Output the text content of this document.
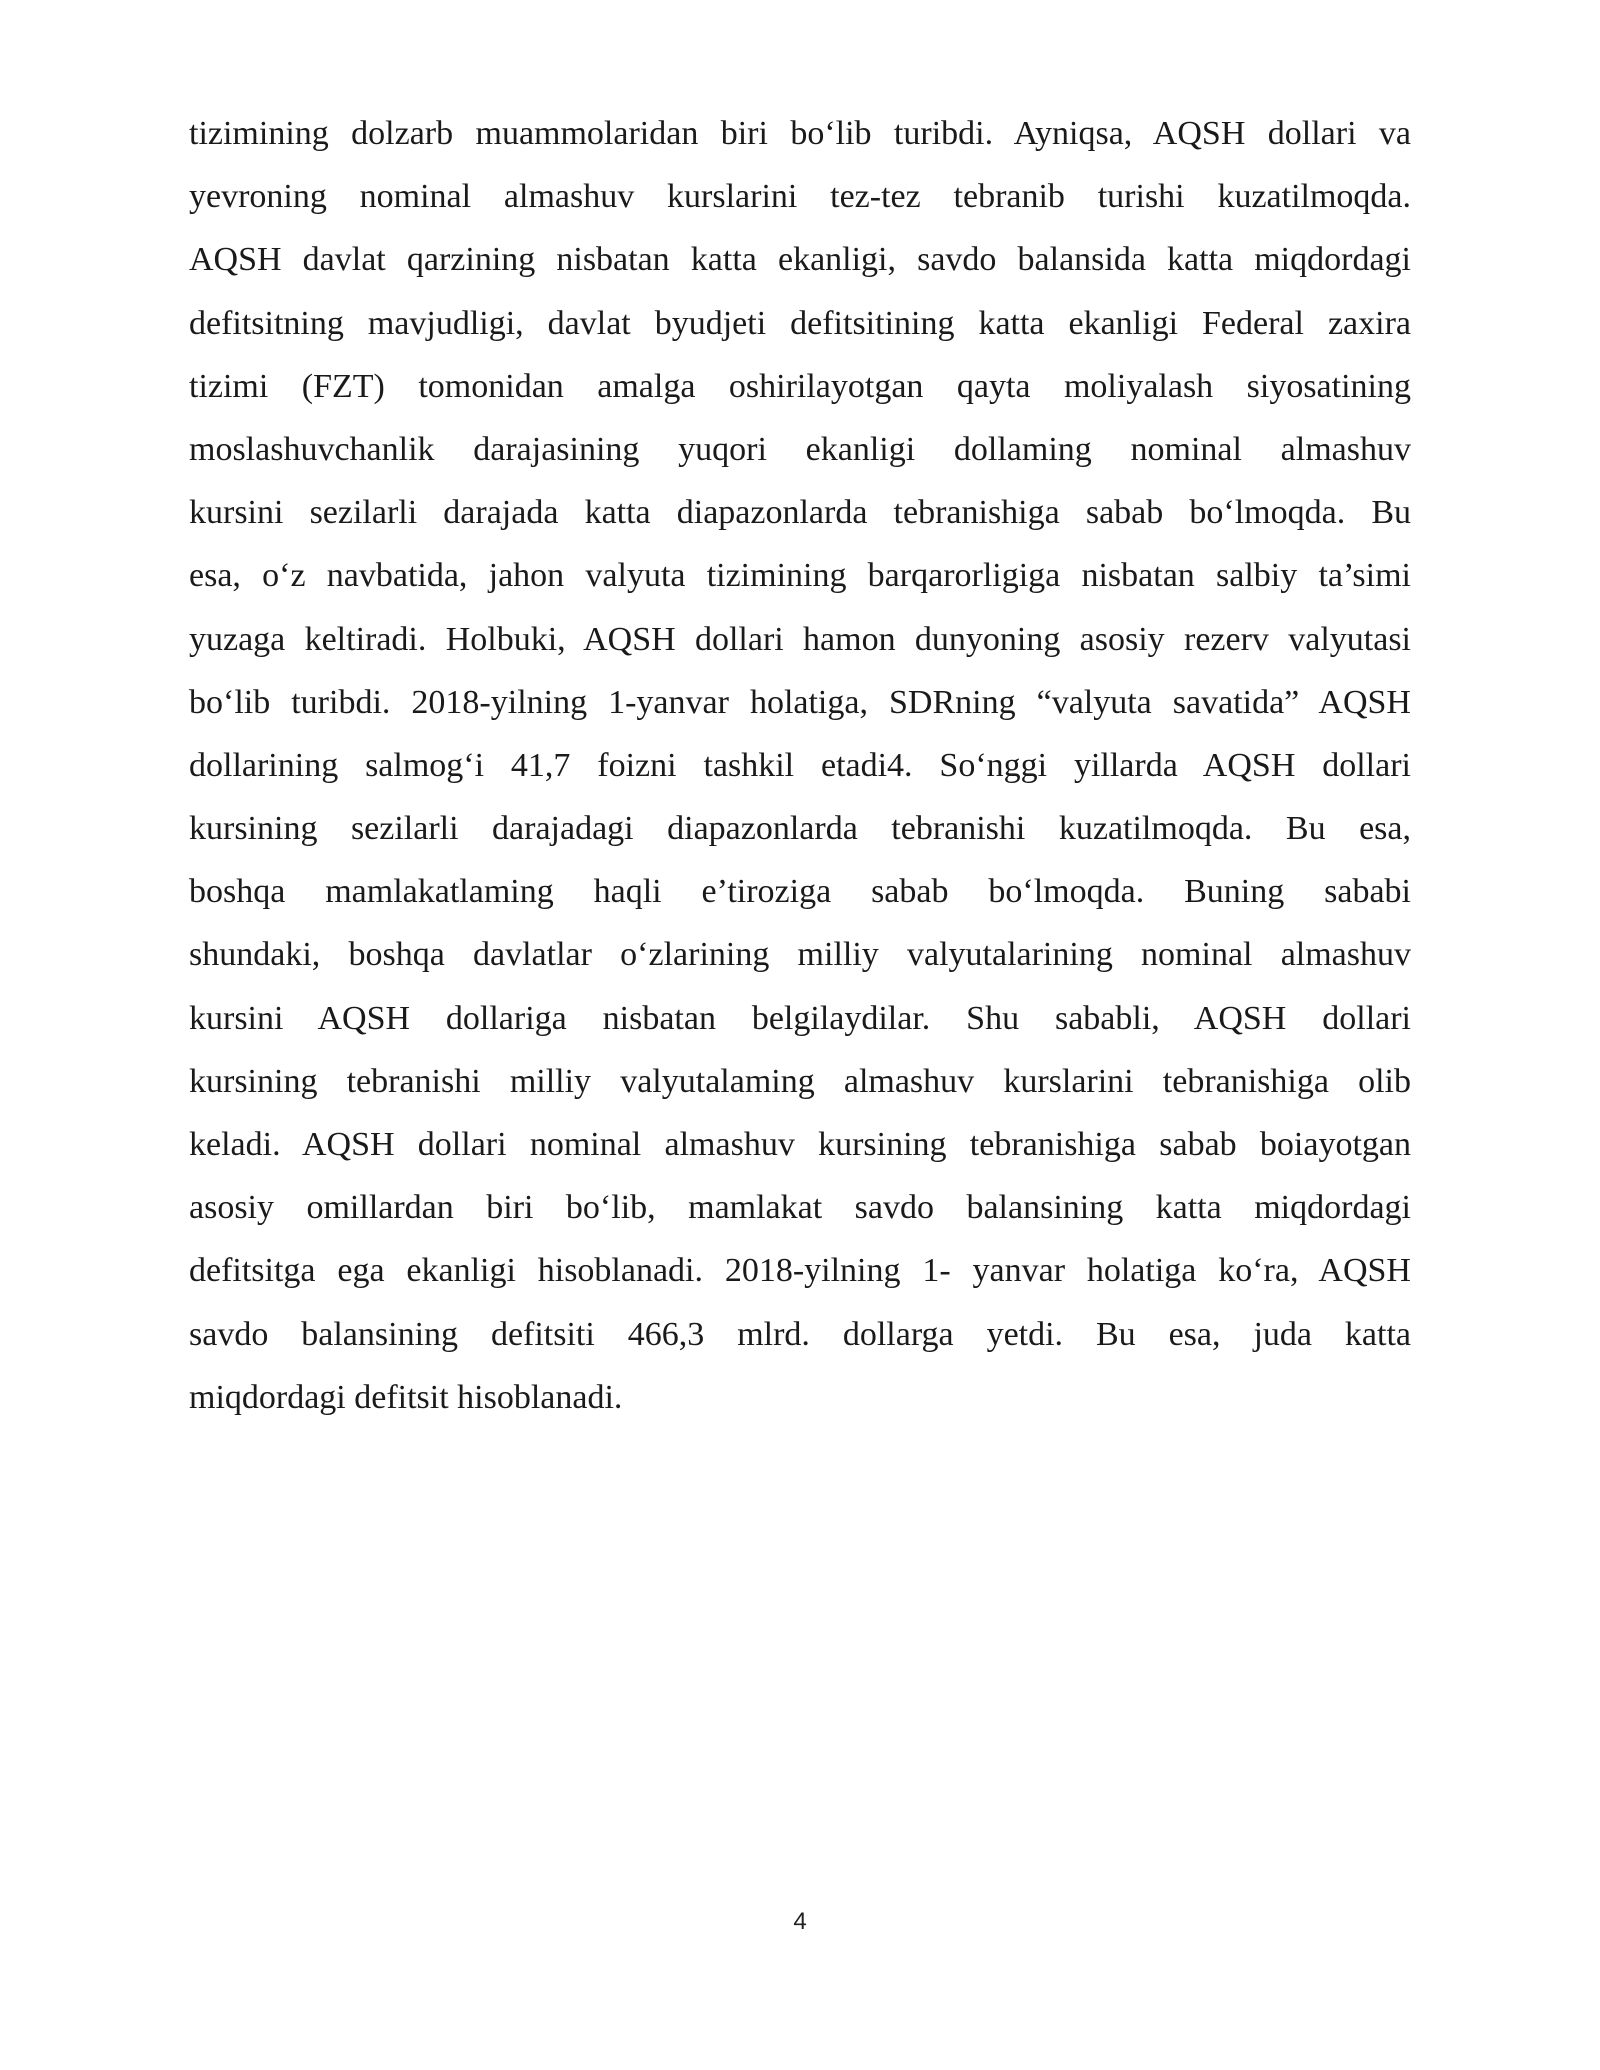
tizimining dolzarb muammolaridan biri bo‘lib turibdi. Ayniqsa, AQSH dollari va
yevroning nominal almashuv kurslarini tez-tez tebranib turishi kuzatilmoqda.
AQSH davlat qarzining nisbatan katta ekanligi, savdo balansida katta miqdordagi
defitsitning mavjudligi, davlat byudjeti defitsitining katta ekanligi Federal zaxira
tizimi (FZT) tomonidan amalga oshirilayotgan qayta moliyalash siyosatining
moslashuvchanlik darajasining yuqori ekanligi dollaming nominal almashuv
kursini sezilarli darajada katta diapazonlarda tebranishiga sabab bo‘lmoqda. Bu
esa, o‘z navbatida, jahon valyuta tizimining barqarorligiga nisbatan salbiy ta’simi
yuzaga keltiradi. Holbuki, AQSH dollari hamon dunyoning asosiy rezerv valyutasi
bo‘lib turibdi. 2018-yilning 1-yanvar holatiga, SDRning “valyuta savatida” AQSH
dollarining salmog‘i 41,7 foizni tashkil etadi4. So‘nggi yillarda AQSH dollari
kursining sezilarli darajadagi diapazonlarda tebranishi kuzatilmoqda. Bu esa,
boshqa mamlakatlaming haqli e’tiroziga sabab bo‘lmoqda. Buning sababi
shundaki, boshqa davlatlar o‘zlarining milliy valyutalarining nominal almashuv
kursini AQSH dollariga nisbatan belgilaydilar. Shu sababli, AQSH dollari
kursining tebranishi milliy valyutalaming almashuv kurslarini tebranishiga olib
keladi. AQSH dollari nominal almashuv kursining tebranishiga sabab boiayotgan
asosiy omillardan biri bo‘lib, mamlakat savdo balansining katta miqdordagi
defitsitga ega ekanligi hisoblanadi. 2018-yilning 1- yanvar holatiga ko‘ra, AQSH
savdo balansining defitsiti 466,3 mlrd. dollarga yetdi. Bu esa, juda katta
miqdordagi defitsit hisoblanadi.
4
